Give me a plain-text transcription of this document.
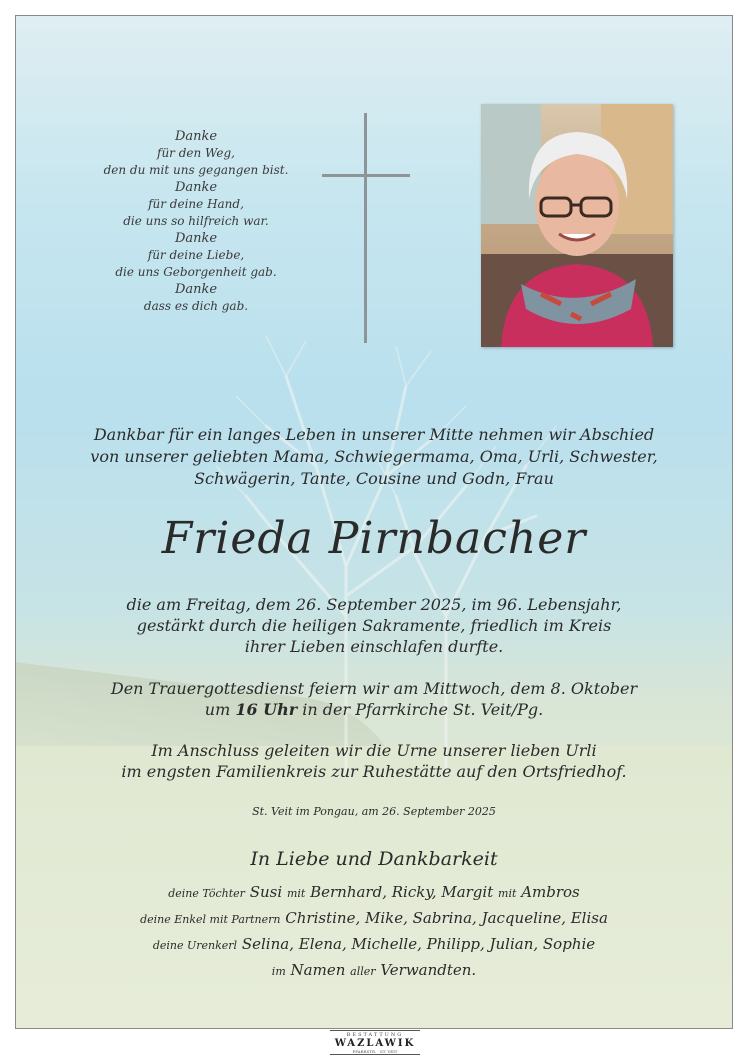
Danke
für den Weg,
den du mit uns gegangen bist.
Danke
für deine Hand,
die uns so hilfreich war.
Danke
für deine Liebe,
die uns Geborgenheit gab.
Danke
dass es dich gab.
Dankbar für ein langes Leben in unserer Mitte nehmen wir Abschied
von unserer geliebten Mama, Schwiegermama, Oma, Urli, Schwester,
Schwägerin, Tante, Cousine und Godn, Frau
Frieda Pirnbacher
die am Freitag, dem 26. September 2025, im 96. Lebensjahr,
gestärkt durch die heiligen Sakramente, friedlich im Kreis
ihrer Lieben einschlafen durfte.
Den Trauergottesdienst feiern wir am Mittwoch, dem 8. Oktober
um 16 Uhr in der Pfarrkirche St. Veit/Pg.
Im Anschluss geleiten wir die Urne unserer lieben Urli
im engsten Familienkreis zur Ruhestätte auf den Ortsfriedhof.
St. Veit im Pongau, am 26. September 2025
In Liebe und Dankbarkeit
deine Töchter Susi mit Bernhard, Ricky, Margit mit Ambros
deine Enkel mit Partnern Christine, Mike, Sabrina, Jacqueline, Elisa
deine Urenkerl Selina, Elena, Michelle, Philipp, Julian, Sophie
im Namen aller Verwandten.
BESTATTUNG
WAZLAWIK
PFARRSTR. · ST. VEIT
